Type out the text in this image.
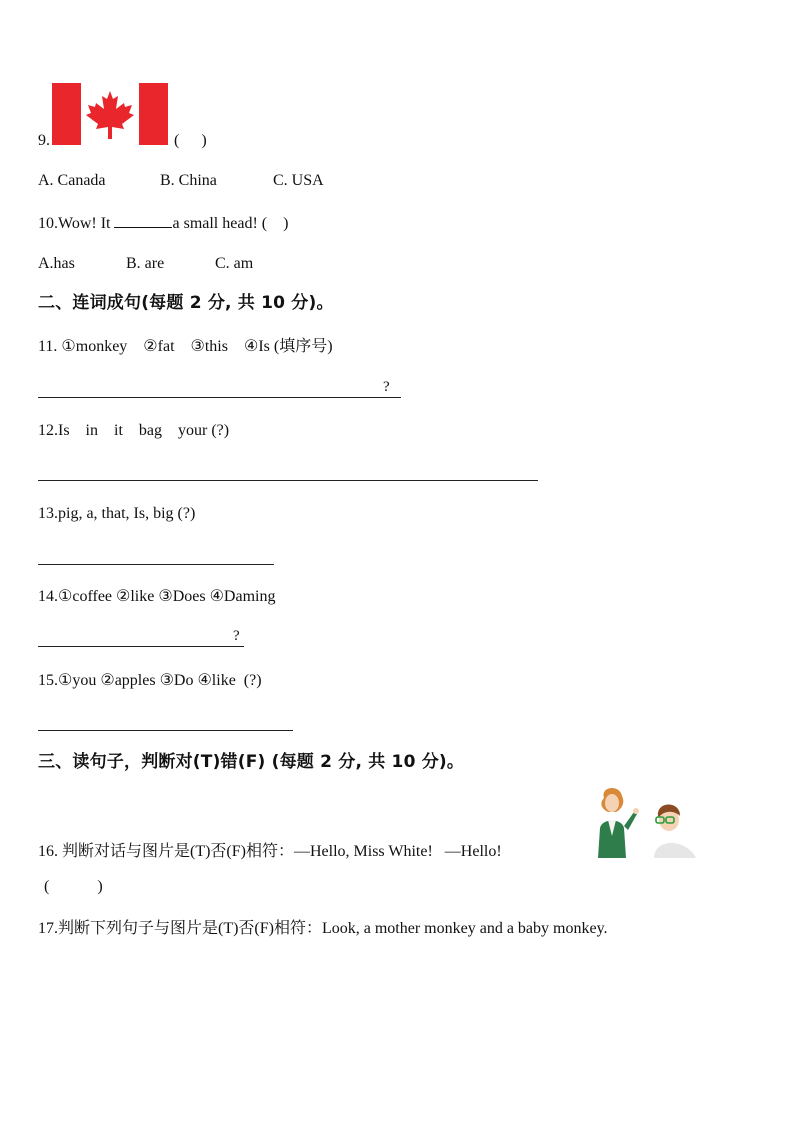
9.	( )
A. Canada	B. China	C. USA
10.Wow! It	a small head! ( )
A.has	B. are	C. am
二、连词成句(每题 2 分, 共 10 分)。
11. ①monkey    ②fat    ③this    ④Is (填序号)
?
12.Is    in    it    bag    your (?)
13.pig, a, that, Is, big (?)
14.①coffee ②like ③Does ④Daming
?
15.①you ②apples ③Do ④like  (?)
三、读句子，判断对(T)错(F) (每题 2 分, 共 10 分)。
16. 判断对话与图片是(T)否(F)相符：—Hello, Miss White!   —Hello!
(            )
17.判断下列句子与图片是(T)否(F)相符：Look, a mother monkey and a baby monkey.
